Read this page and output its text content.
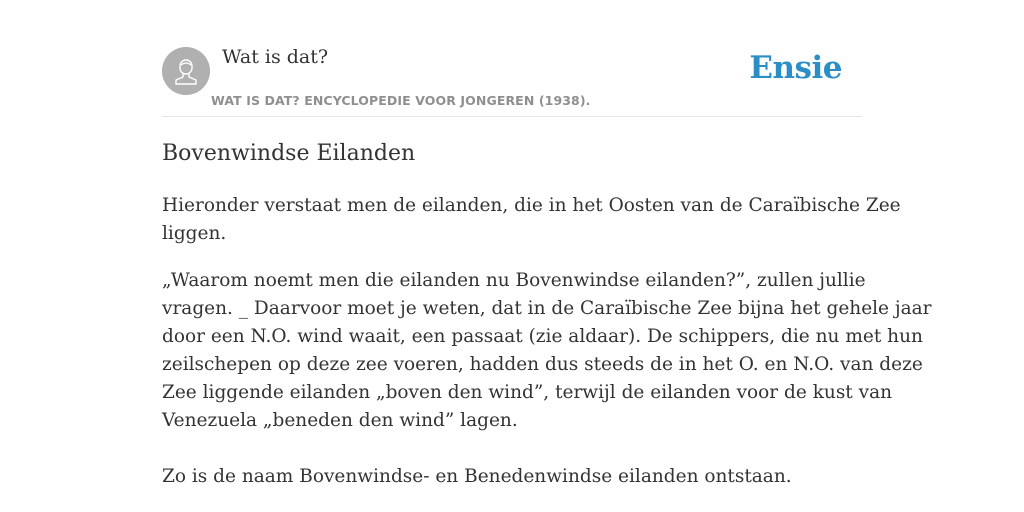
Wat is dat?
WAT IS DAT? ENCYCLOPEDIE VOOR JONGEREN (1938).
Ensie
Bovenwindse Eilanden

Hieronder verstaat men de eilanden, die in het Oosten van de Caraïbische Zee
liggen.

„Waarom noemt men die eilanden nu Bovenwindse eilanden?”, zullen jullie
vragen. _ Daarvoor moet je weten, dat in de Caraïbische Zee bijna het gehele jaar
door een N.O. wind waait, een passaat (zie aldaar). De schippers, die nu met hun
zeilschepen op deze zee voeren, hadden dus steeds de in het O. en N.O. van deze
Zee liggende eilanden „boven den wind”, terwijl de eilanden voor de kust van
Venezuela „beneden den wind” lagen.

Zo is de naam Bovenwindse- en Benedenwindse eilanden ontstaan.
